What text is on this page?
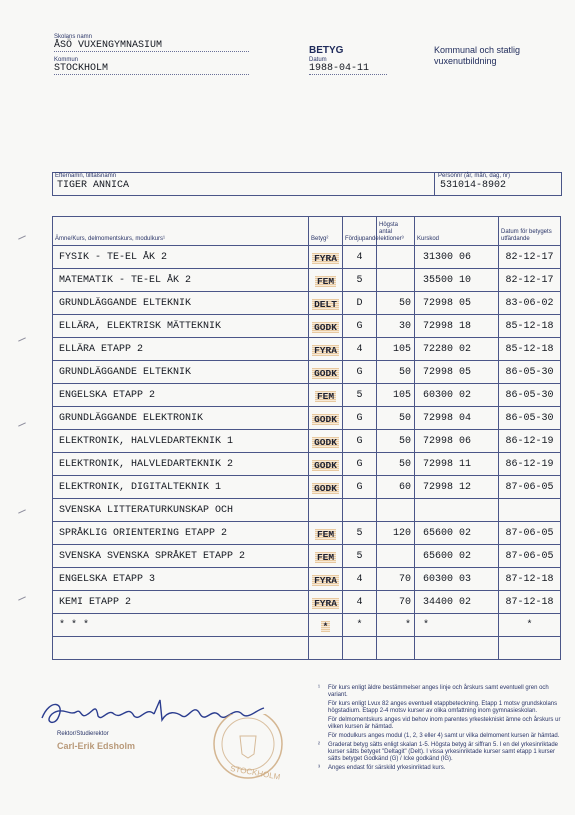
Skolans namn
ÅSÖ VUXENGYMNASIUM
Kommun
STOCKHOLM
BETYG
Datum
1988-04-11
Kommunal och statlig
vuxenutbildning
Efternamn, tilltalsnamn
TIGER ANNICA
Personnr (år, mån, dag, nr)
531014-8902
Ämne/Kurs, delmomentskurs, modulkurs¹	Betyg²	Fördjupande	Högsta antal lektioner³	Kurskod	Datum för betygets utfärdande
FYSIK - TE-EL ÅK 2	FYRA	4		31300 06	82-12-17
MATEMATIK - TE-EL ÅK 2	FEM	5		35500 10	82-12-17
GRUNDLÄGGANDE ELTEKNIK	DELT	D	50	72998 05	83-06-02
ELLÄRA, ELEKTRISK MÄTTEKNIK	GODK	G	30	72998 18	85-12-18
ELLÄRA ETAPP 2	FYRA	4	105	72280 02	85-12-18
GRUNDLÄGGANDE ELTEKNIK	GODK	G	50	72998 05	86-05-30
ENGELSKA ETAPP 2	FEM	5	105	60300 02	86-05-30
GRUNDLÄGGANDE ELEKTRONIK	GODK	G	50	72998 04	86-05-30
ELEKTRONIK, HALVLEDARTEKNIK 1	GODK	G	50	72998 06	86-12-19
ELEKTRONIK, HALVLEDARTEKNIK 2	GODK	G	50	72998 11	86-12-19
ELEKTRONIK, DIGITALTEKNIK 1	GODK	G	60	72998 12	87-06-05
SVENSKA LITTERATURKUNSKAP OCH					
SPRÅKLIG ORIENTERING ETAPP 2	FEM	5	120	65600 02	87-06-05
SVENSKA SVENSKA SPRÅKET ETAPP 2	FEM	5		65600 02	87-06-05
ENGELSKA ETAPP 3	FYRA	4	70	60300 03	87-12-18
KEMI ETAPP 2	FYRA	4	70	34400 02	87-12-18
* * *	*	*	*	*	*

Rektor/Studierektor
Carl-Erik Edsholm
STOCKHOLM
¹ För kurs enligt äldre bestämmelser anges linje och årskurs samt eventuell gren och variant.
För kurs enligt Lvux 82 anges eventuell etappbeteckning. Etapp 1 motsv grundskolans högstadium. Etapp 2-4 motsv kurser av olika omfattning inom gymnasieskolan.
För delmomentskurs anges vid behov inom parentes yrkestekniskt ämne och årskurs ur vilken kursen är hämtad.
För modulkurs anges modul (1, 2, 3 eller 4) samt ur vilka delmoment kursen är hämtad.
² Graderat betyg sätts enligt skalan 1-5. Högsta betyg är siffran 5. I en del yrkesinriktade kurser sätts betyget "Deltagit" (Delt). I vissa yrkesinriktade kurser samt etapp 1 kurser sätts betyget Godkänd (G) / Icke godkänd (IG).
³ Anges endast för särskild yrkesinriktad kurs.
